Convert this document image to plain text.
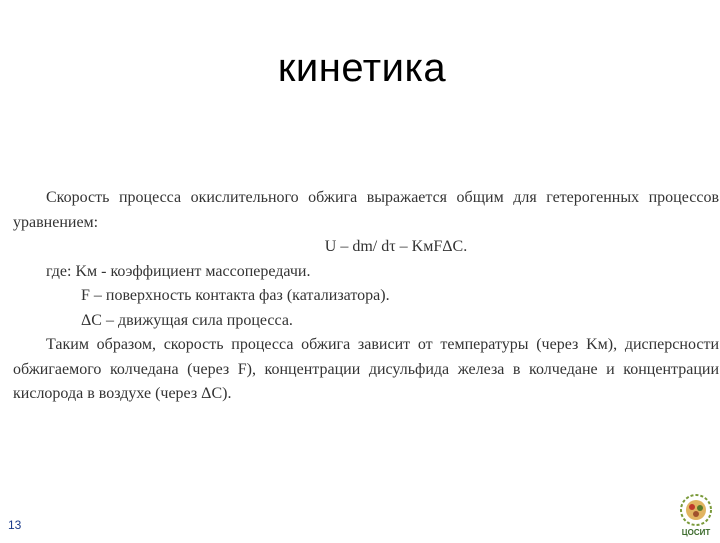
кинетика
Скорость процесса окислительного обжига выражается общим для гетерогенных процессов
уравнением:
U – dm/ dτ – KмFΔC.
где: Kм - коэффициент массопередачи.
F – поверхность контакта фаз (катализатора).
ΔC – движущая сила процесса.
Таким образом, скорость процесса обжига зависит от температуры (через Kм), дисперсности
обжигаемого колчедана (через F), концентрации дисульфида железа в колчедане и концентрации
кислорода в воздухе (через ΔC).
13
ЦОСИТ
